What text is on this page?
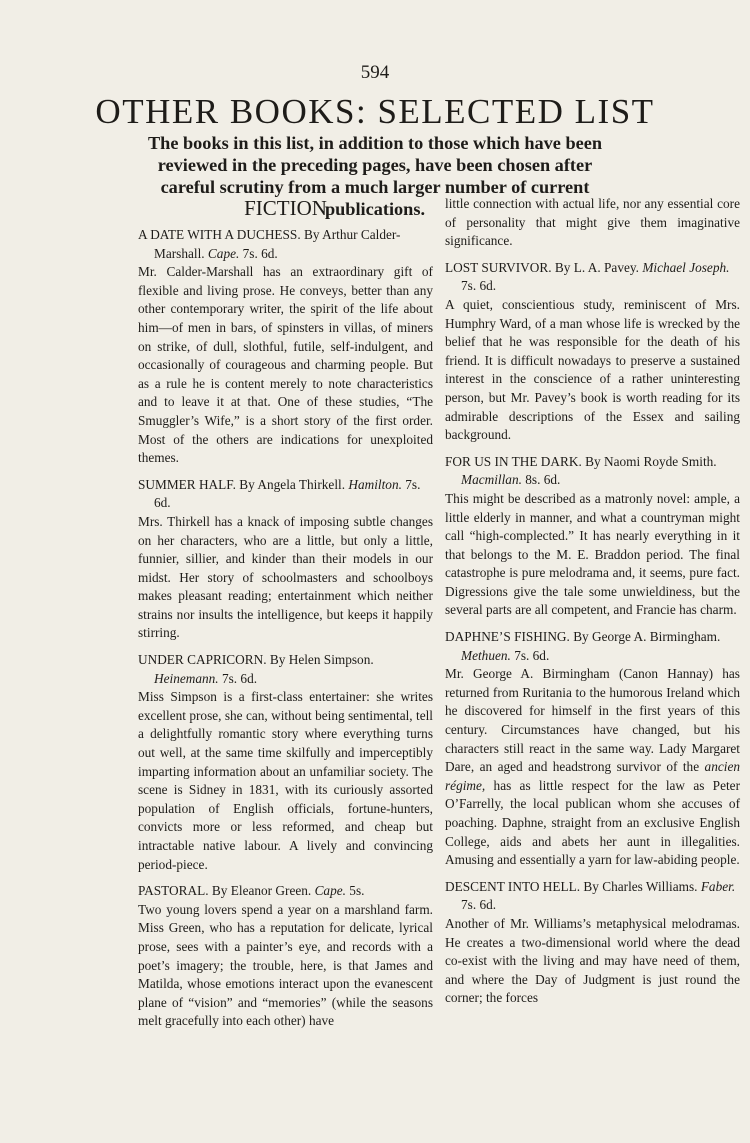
594
OTHER BOOKS: SELECTED LIST

The books in this list, in addition to those which have been reviewed in the preceding pages, have been chosen after careful scrutiny from a much larger number of current publications.

FICTION

A DATE WITH A DUCHESS. By Arthur Calder-Marshall. Cape. 7s. 6d.

Mr. Calder-Marshall has an extraordinary gift of flexible and living prose. He conveys, better than any other contemporary writer, the spirit of the life about him—of men in bars, of spinsters in villas, of miners on strike, of dull, slothful, futile, self-indulgent, and occasionally of courageous and charming people. But as a rule he is content merely to note characteristics and to leave it at that. One of these studies, “The Smuggler’s Wife,” is a short story of the first order. Most of the others are indications for unexploited themes.

SUMMER HALF. By Angela Thirkell. Hamilton. 7s. 6d.

Mrs. Thirkell has a knack of imposing subtle changes on her characters, who are a little, but only a little, funnier, sillier, and kinder than their models in our midst. Her story of schoolmasters and schoolboys makes pleasant reading; entertainment which neither strains nor insults the intelligence, but keeps it happily stirring.

UNDER CAPRICORN. By Helen Simpson. Heinemann. 7s. 6d.

Miss Simpson is a first-class entertainer: she writes excellent prose, she can, without being sentimental, tell a delightfully romantic story where everything turns out well, at the same time skilfully and imperceptibly imparting information about an unfamiliar society. The scene is Sidney in 1831, with its curiously assorted population of English officials, fortune-hunters, convicts more or less reformed, and cheap but intractable native labour. A lively and convincing period-piece.

PASTORAL. By Eleanor Green. Cape. 5s.

Two young lovers spend a year on a marshland farm. Miss Green, who has a reputation for delicate, lyrical prose, sees with a painter’s eye, and records with a poet’s imagery; the trouble, here, is that James and Matilda, whose emotions interact upon the evanescent plane of “vision” and “memories” (while the seasons melt gracefully into each other) have

little connection with actual life, nor any essential core of personality that might give them imaginative significance.

LOST SURVIVOR. By L. A. Pavey. Michael Joseph. 7s. 6d.

A quiet, conscientious study, reminiscent of Mrs. Humphry Ward, of a man whose life is wrecked by the belief that he was responsible for the death of his friend. It is difficult nowadays to preserve a sustained interest in the conscience of a rather uninteresting person, but Mr. Pavey’s book is worth reading for its admirable descriptions of the Essex and sailing background.

FOR US IN THE DARK. By Naomi Royde Smith. Macmillan. 8s. 6d.

This might be described as a matronly novel: ample, a little elderly in manner, and what a countryman might call “high-complected.” It has nearly everything in it that belongs to the M. E. Braddon period. The final catastrophe is pure melodrama and, it seems, pure fact. Digressions give the tale some unwieldiness, but the several parts are all competent, and Francie has charm.

DAPHNE’S FISHING. By George A. Birmingham. Methuen. 7s. 6d.

Mr. George A. Birmingham (Canon Hannay) has returned from Ruritania to the humorous Ireland which he discovered for himself in the first years of this century. Circumstances have changed, but his characters still react in the same way. Lady Margaret Dare, an aged and headstrong survivor of the ancien régime, has as little respect for the law as Peter O’Farrelly, the local publican whom she accuses of poaching. Daphne, straight from an exclusive English College, aids and abets her aunt in illegalities. Amusing and essentially a yarn for law-abiding people.

DESCENT INTO HELL. By Charles Williams. Faber. 7s. 6d.

Another of Mr. Williams’s metaphysical melodramas. He creates a two-dimensional world where the dead co-exist with the living and may have need of them, and where the Day of Judgment is just round the corner; the forces
